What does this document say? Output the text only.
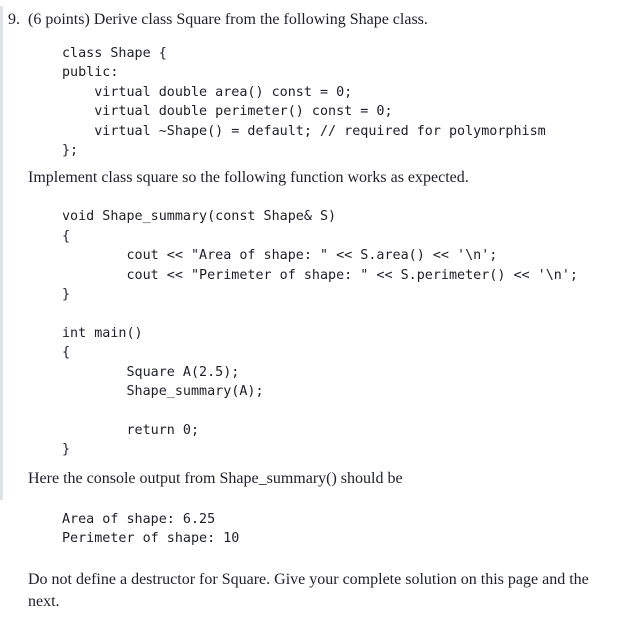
9. (6 points) Derive class Square from the following Shape class.
class Shape {
public:
virtual double area() const = 0;
virtual double perimeter() const = 0;
virtual ~Shape() = default; // required for polymorphism
};

Implement class square so the following function works as expected.

void Shape_summary(const Shape& S)
{
cout << "Area of shape: " << S.area() << '\n';
cout << "Perimeter of shape: " << S.perimeter() << '\n';
}
int main()
{
Square A(2.5);
Shape_summary(A);
return 0;
}

Here the console output from Shape_summary() should be

Area of shape: 6.25
Perimeter of shape: 10

Do not define a destructor for Square. Give your complete solution on this page and the next.
